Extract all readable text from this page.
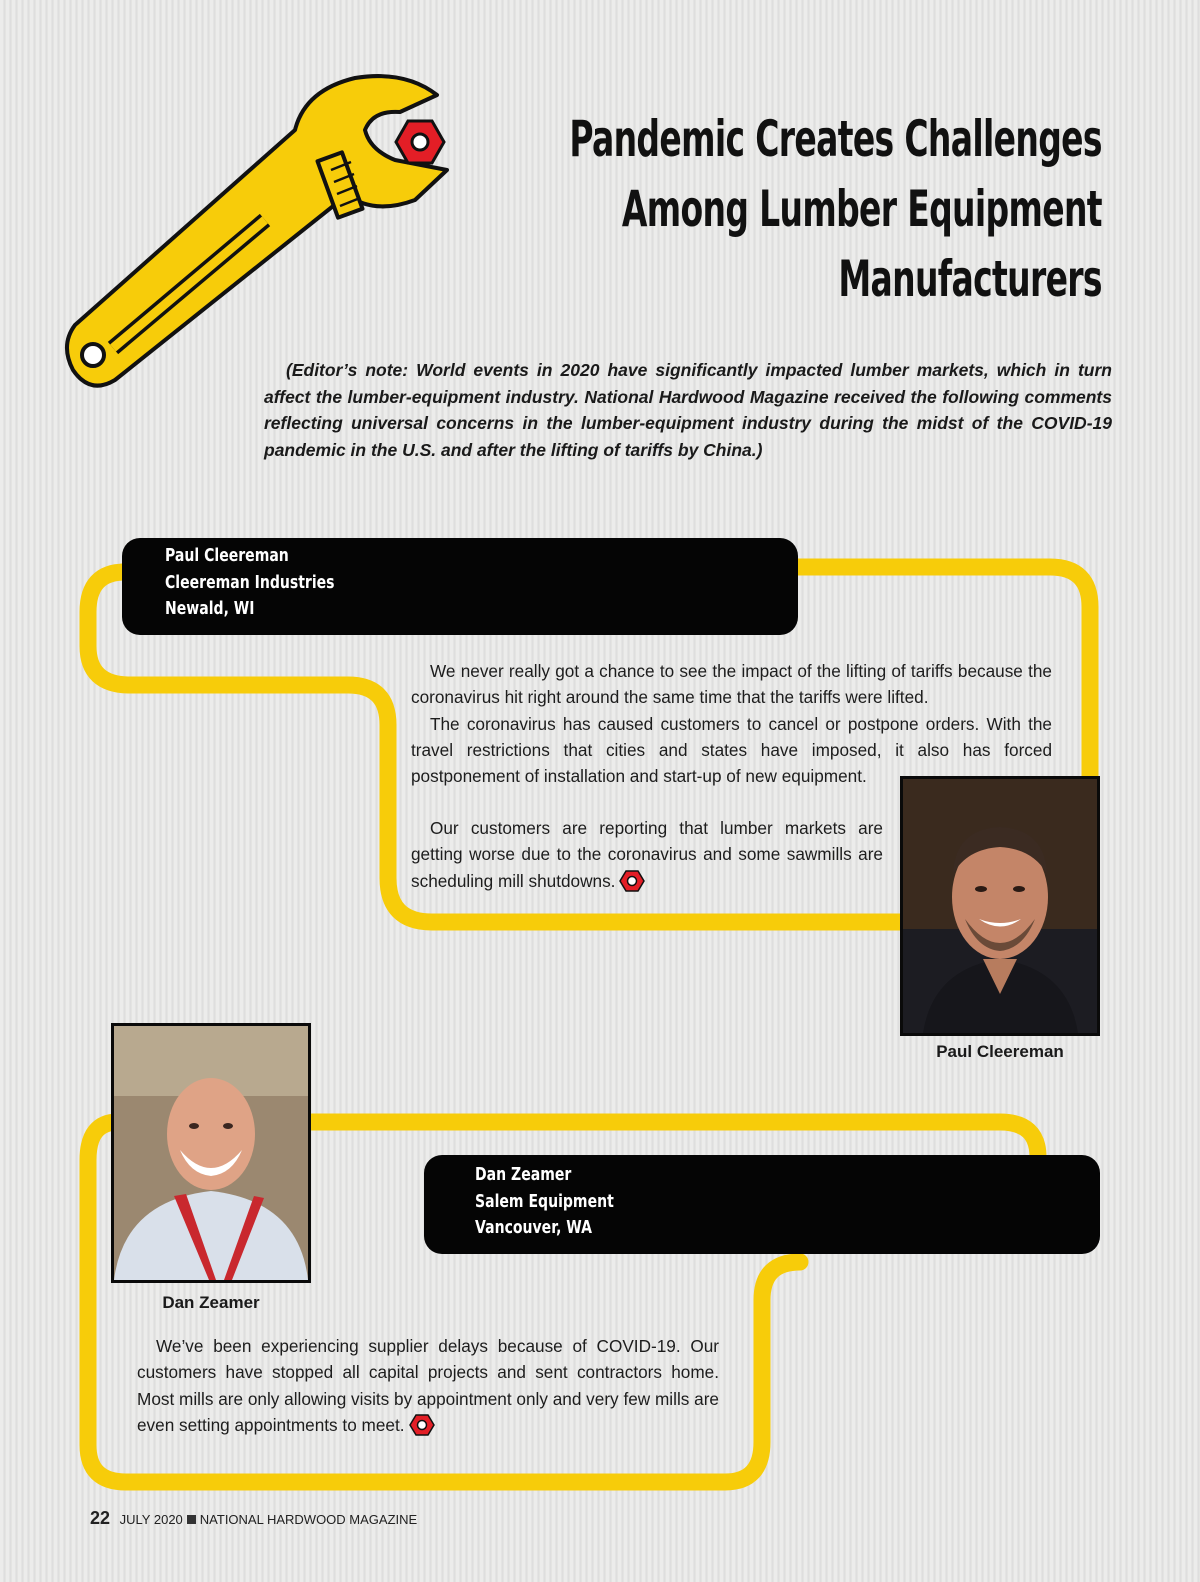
Pandemic Creates Challenges
Among Lumber Equipment
Manufacturers

(Editor’s note: World events in 2020 have significantly impacted lumber markets, which in turn affect the lumber-equipment industry. National Hardwood Magazine received the following comments reflecting universal concerns in the lumber-equipment industry during the midst of the COVID-19 pandemic in the U.S. and after the lifting of tariffs by China.)

Paul Cleereman
Cleereman Industries
Newald, WI

We never really got a chance to see the impact of the lifting of tariffs because the coronavirus hit right around the same time that the tariffs were lifted.

The coronavirus has caused customers to cancel or postpone orders. With the travel restrictions that cities and states have imposed, it also has forced postponement of installation and start-up of new equipment.

Our customers are reporting that lumber markets are getting worse due to the coronavirus and some sawmills are scheduling mill shutdowns.

Paul Cleereman
Dan Zeamer
Dan Zeamer
Salem Equipment
Vancouver, WA

We’ve been experiencing supplier delays because of COVID-19. Our customers have stopped all capital projects and sent contractors home. Most mills are only allowing visits by appointment only and very few mills are even setting appointments to meet.

22 JULY 2020 NATIONAL HARDWOOD MAGAZINE
